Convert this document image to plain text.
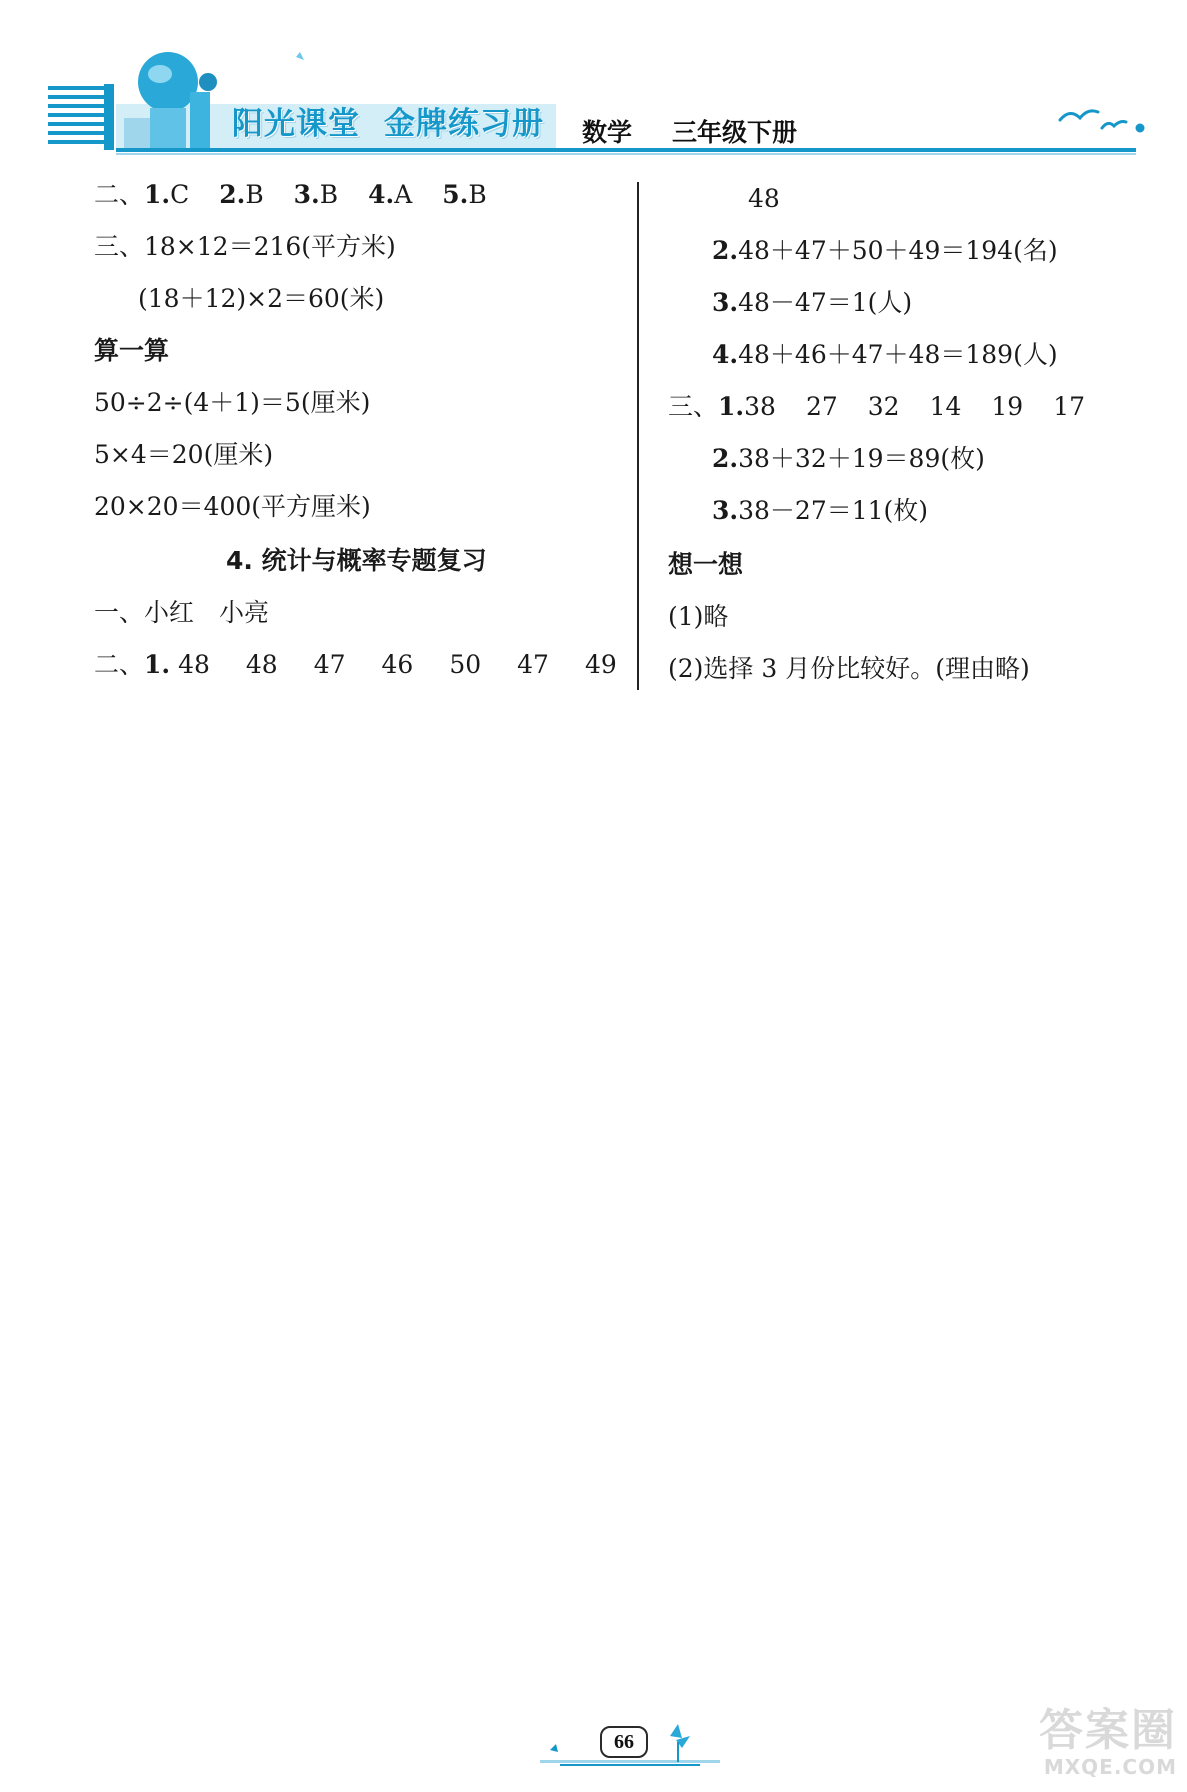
阳光课堂 金牌练习册 数学 三年级下册
二、1.C 2.B 3.B 4.A 5.B
三、18×12＝216(平方米)
(18＋12)×2＝60(米)
算一算
50÷2÷(4＋1)＝5(厘米)
5×4＝20(厘米)
20×20＝400(平方厘米)
4. 统计与概率专题复习
一、小红　小亮
二、1. 48 48 47 46 50 47 49
48
2.48＋47＋50＋49＝194(名)
3.48－47＝1(人)
4.48＋46＋47＋48＝189(人)
三、1.38 27 32 14 19 17
2.38＋32＋19＝89(枚)
3.38－27＝11(枚)
想一想
(1)略
(2)选择 3 月份比较好。(理由略)
66	答案圈
MXQE.COM
